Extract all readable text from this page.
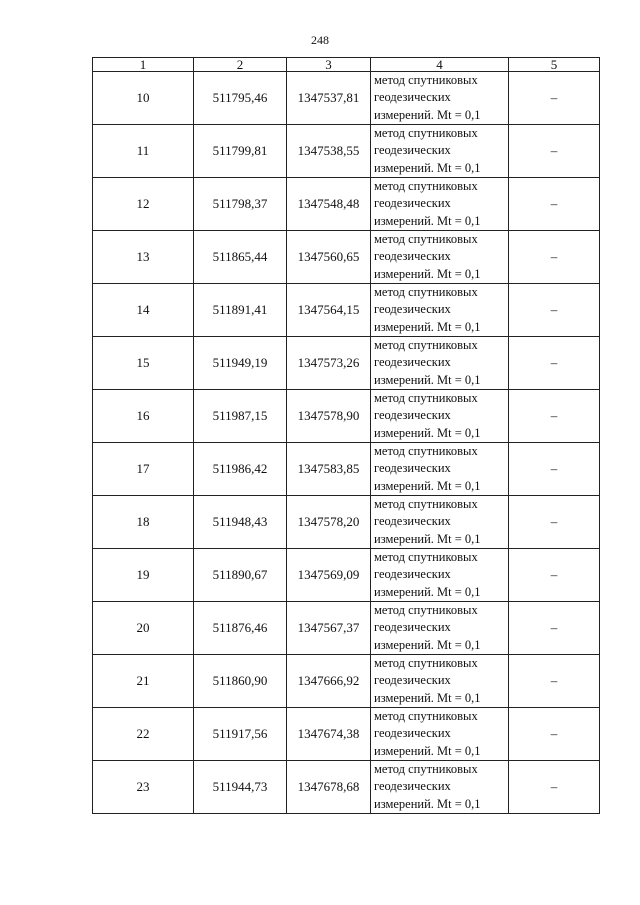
248
1	2	3	4	5
10	511795,46	1347537,81	метод спутниковых
геодезических
измерений. Mt = 0,1	–
11	511799,81	1347538,55	метод спутниковых
геодезических
измерений. Mt = 0,1	–
12	511798,37	1347548,48	метод спутниковых
геодезических
измерений. Mt = 0,1	–
13	511865,44	1347560,65	метод спутниковых
геодезических
измерений. Mt = 0,1	–
14	511891,41	1347564,15	метод спутниковых
геодезических
измерений. Mt = 0,1	–
15	511949,19	1347573,26	метод спутниковых
геодезических
измерений. Mt = 0,1	–
16	511987,15	1347578,90	метод спутниковых
геодезических
измерений. Mt = 0,1	–
17	511986,42	1347583,85	метод спутниковых
геодезических
измерений. Mt = 0,1	–
18	511948,43	1347578,20	метод спутниковых
геодезических
измерений. Mt = 0,1	–
19	511890,67	1347569,09	метод спутниковых
геодезических
измерений. Mt = 0,1	–
20	511876,46	1347567,37	метод спутниковых
геодезических
измерений. Mt = 0,1	–
21	511860,90	1347666,92	метод спутниковых
геодезических
измерений. Mt = 0,1	–
22	511917,56	1347674,38	метод спутниковых
геодезических
измерений. Mt = 0,1	–
23	511944,73	1347678,68	метод спутниковых
геодезических
измерений. Mt = 0,1	–
